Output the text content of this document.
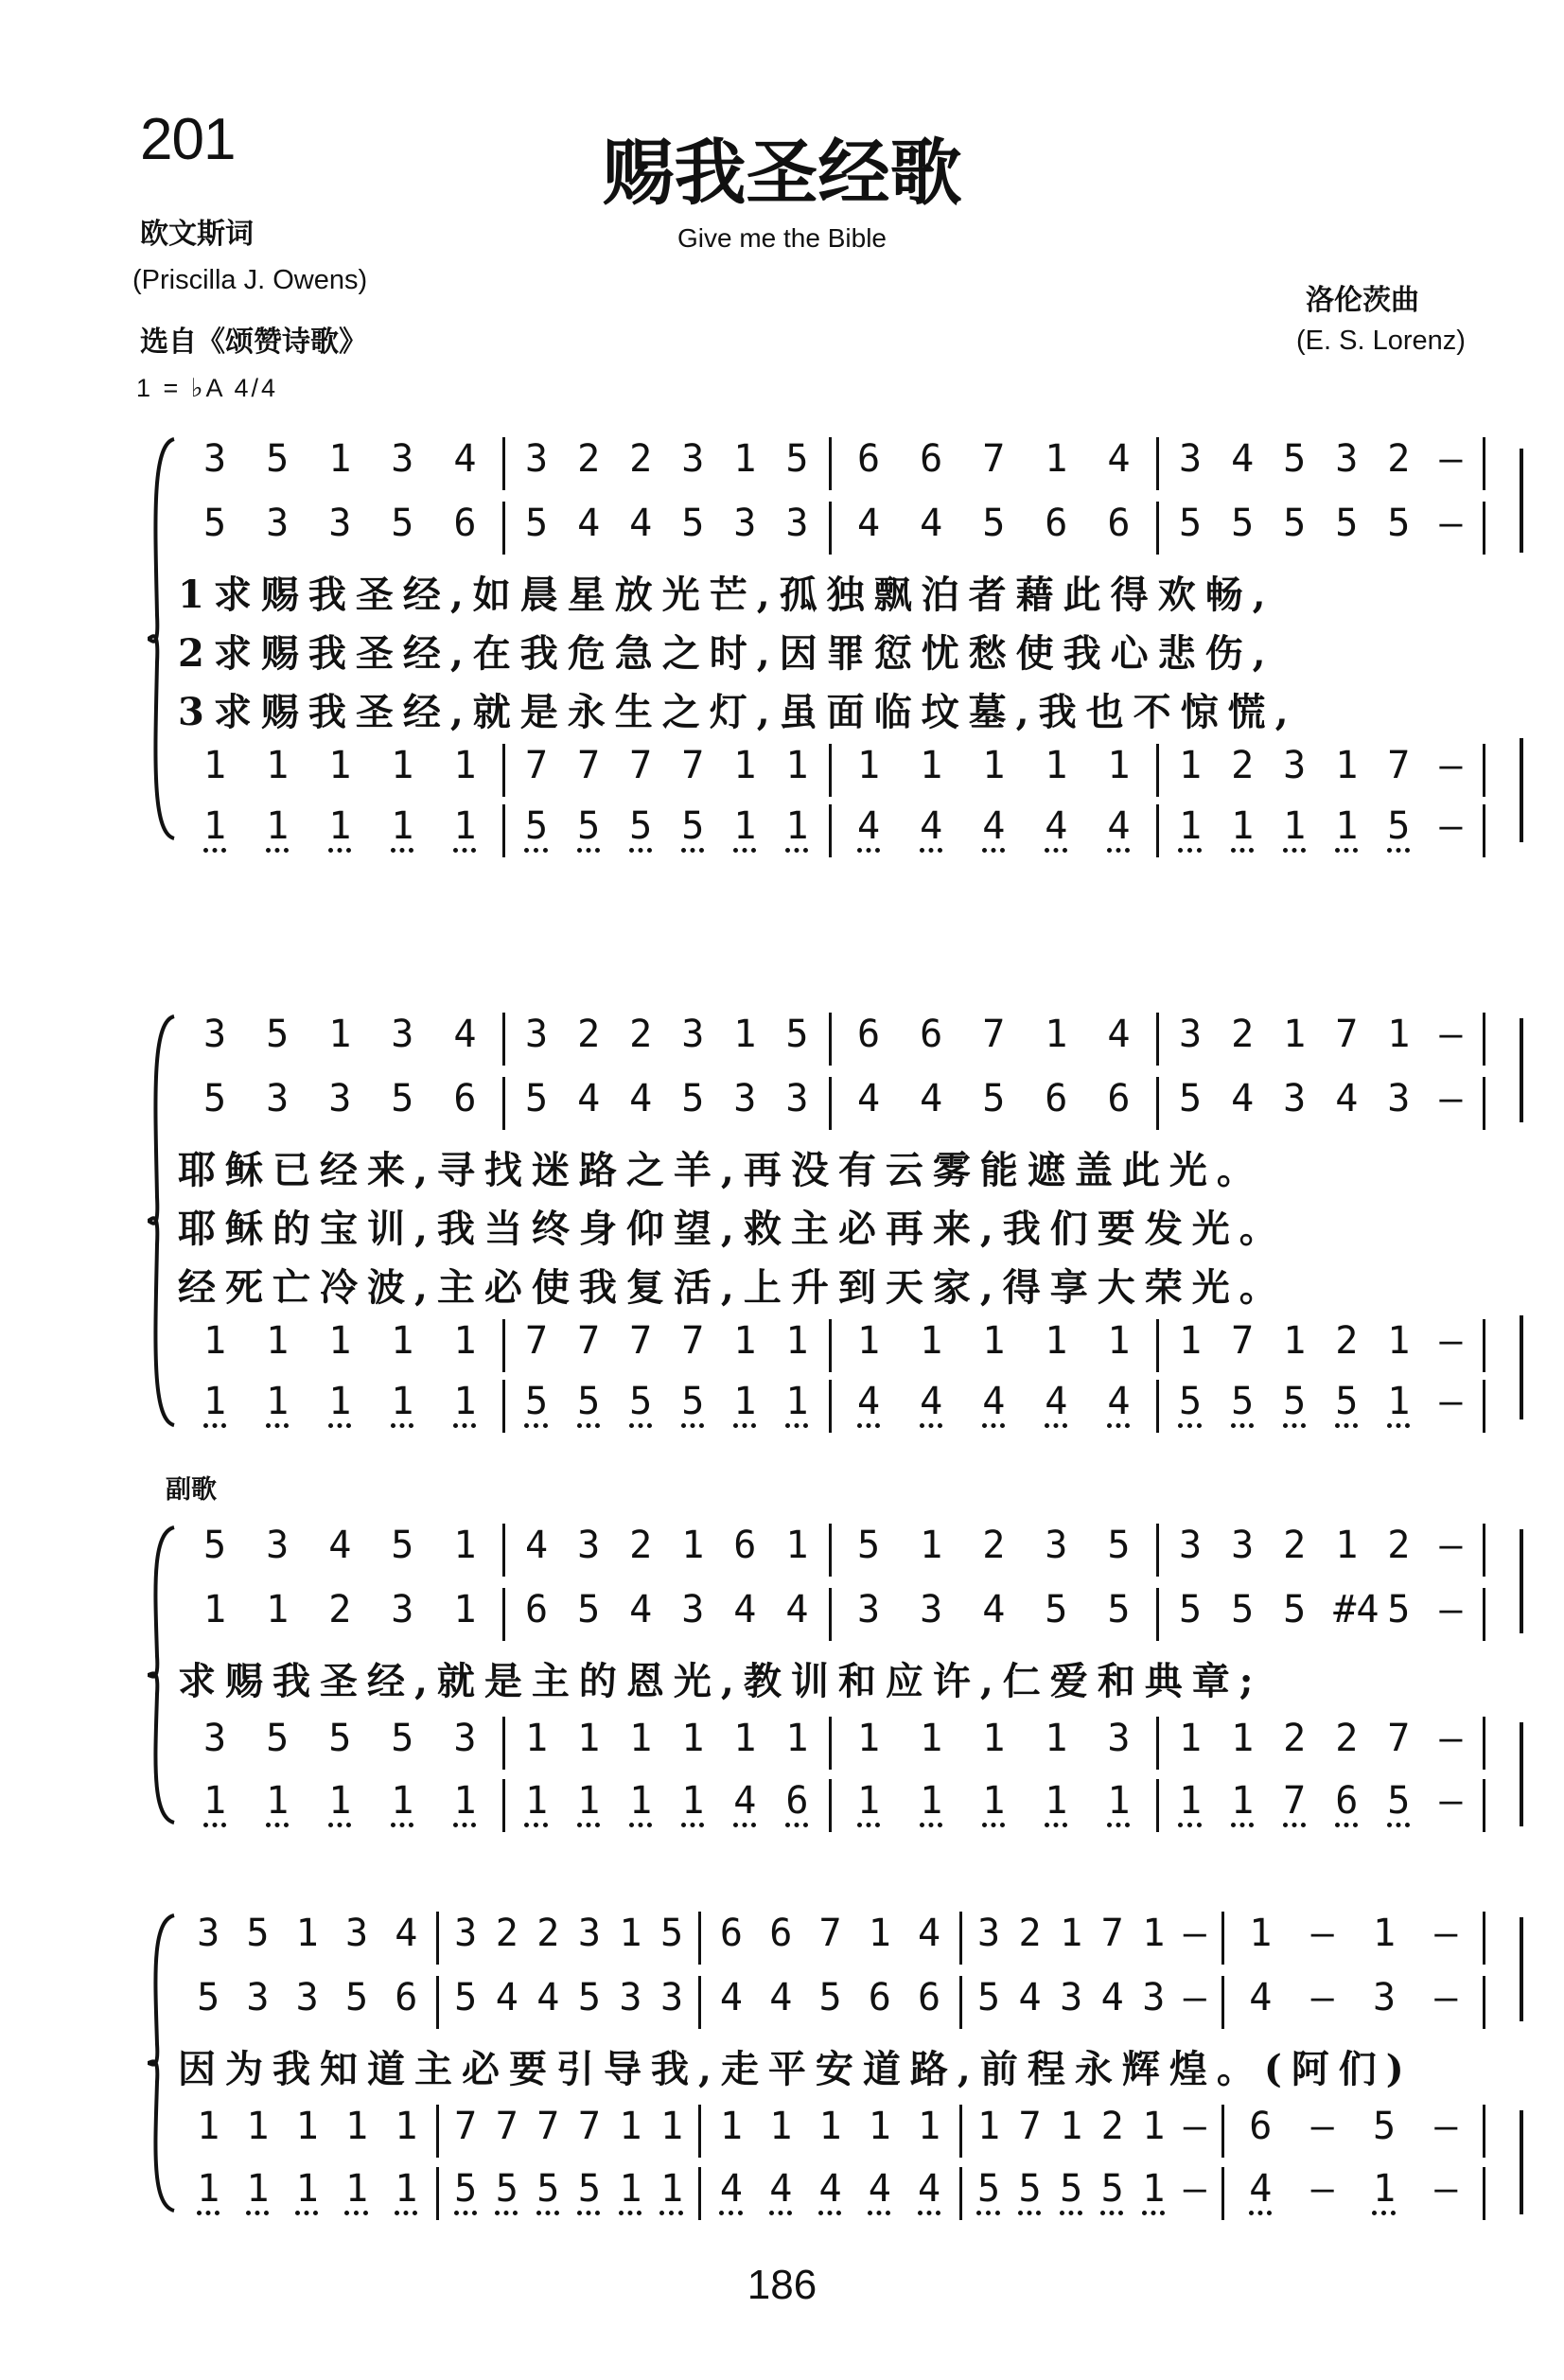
201	赐我圣经歌
Give me the Bible
欧文斯词
(Priscilla J. Owens)
选自《颂赞诗歌》
洛伦茨曲
(E. S. Lorenz)
1 = ♭A 4/4
3 5 1 3 4 3 2 2 3 1 5 6 6 7 1 4 3 4 5 3 2 –
5 3 3 5 6 5 4 4 5 3 3 4 4 5 6 6 5 5 5 5 5 –
1求赐我圣经,如晨星放光芒,孤独飘泊者藉此得欢畅,
2求赐我圣经,在我危急之时,因罪愆忧愁使我心悲伤,
3求赐我圣经,就是永生之灯,虽面临坟墓,我也不惊慌,
1 1 1 1 1 7 7 7 7 1 1 1 1 1 1 1 1 2 3 1 7 –
1 1 1 1 1 5 5 5 5 1 1 4 4 4 4 4 1 1 1 1 5 –
3 5 1 3 4 3 2 2 3 1 5 6 6 7 1 4 3 2 1 7 1 –
5 3 3 5 6 5 4 4 5 3 3 4 4 5 6 6 5 4 3 4 3 –
耶稣已经来,寻找迷路之羊,再没有云雾能遮盖此光。
耶稣的宝训,我当终身仰望,救主必再来,我们要发光。
经死亡冷波,主必使我复活,上升到天家,得享大荣光。
1 1 1 1 1 7 7 7 7 1 1 1 1 1 1 1 1 7 1 2 1 –
1 1 1 1 1 5 5 5 5 1 1 4 4 4 4 4 5 5 5 5 1 –
副歌
5 3 4 5 1 4 3 2 1 6 1 5 1 2 3 5 3 3 2 1 2 –
1 1 2 3 1 6 5 4 3 4 4 3 3 4 5 5 5 5 5 #4 5 –
求赐我圣经,就是主的恩光,教训和应许,仁爱和典章;
3 5 5 5 3 1 1 1 1 1 1 1 1 1 1 3 1 1 2 2 7 –
1 1 1 1 1 1 1 1 1 4 6 1 1 1 1 1 1 1 7 6 5 –
3 5 1 3 4 3 2 2 3 1 5 6 6 7 1 4 3 2 1 7 1 – 1 – 1 –
5 3 3 5 6 5 4 4 5 3 3 4 4 5 6 6 5 4 3 4 3 – 4 – 3 –
因为我知道主必要引导我,走平安道路,前程永辉煌。(阿们)
1 1 1 1 1 7 7 7 7 1 1 1 1 1 1 1 1 7 1 2 1 – 6 – 5 –
1 1 1 1 1 5 5 5 5 1 1 4 4 4 4 4 5 5 5 5 1 – 4 – 1 –
186
